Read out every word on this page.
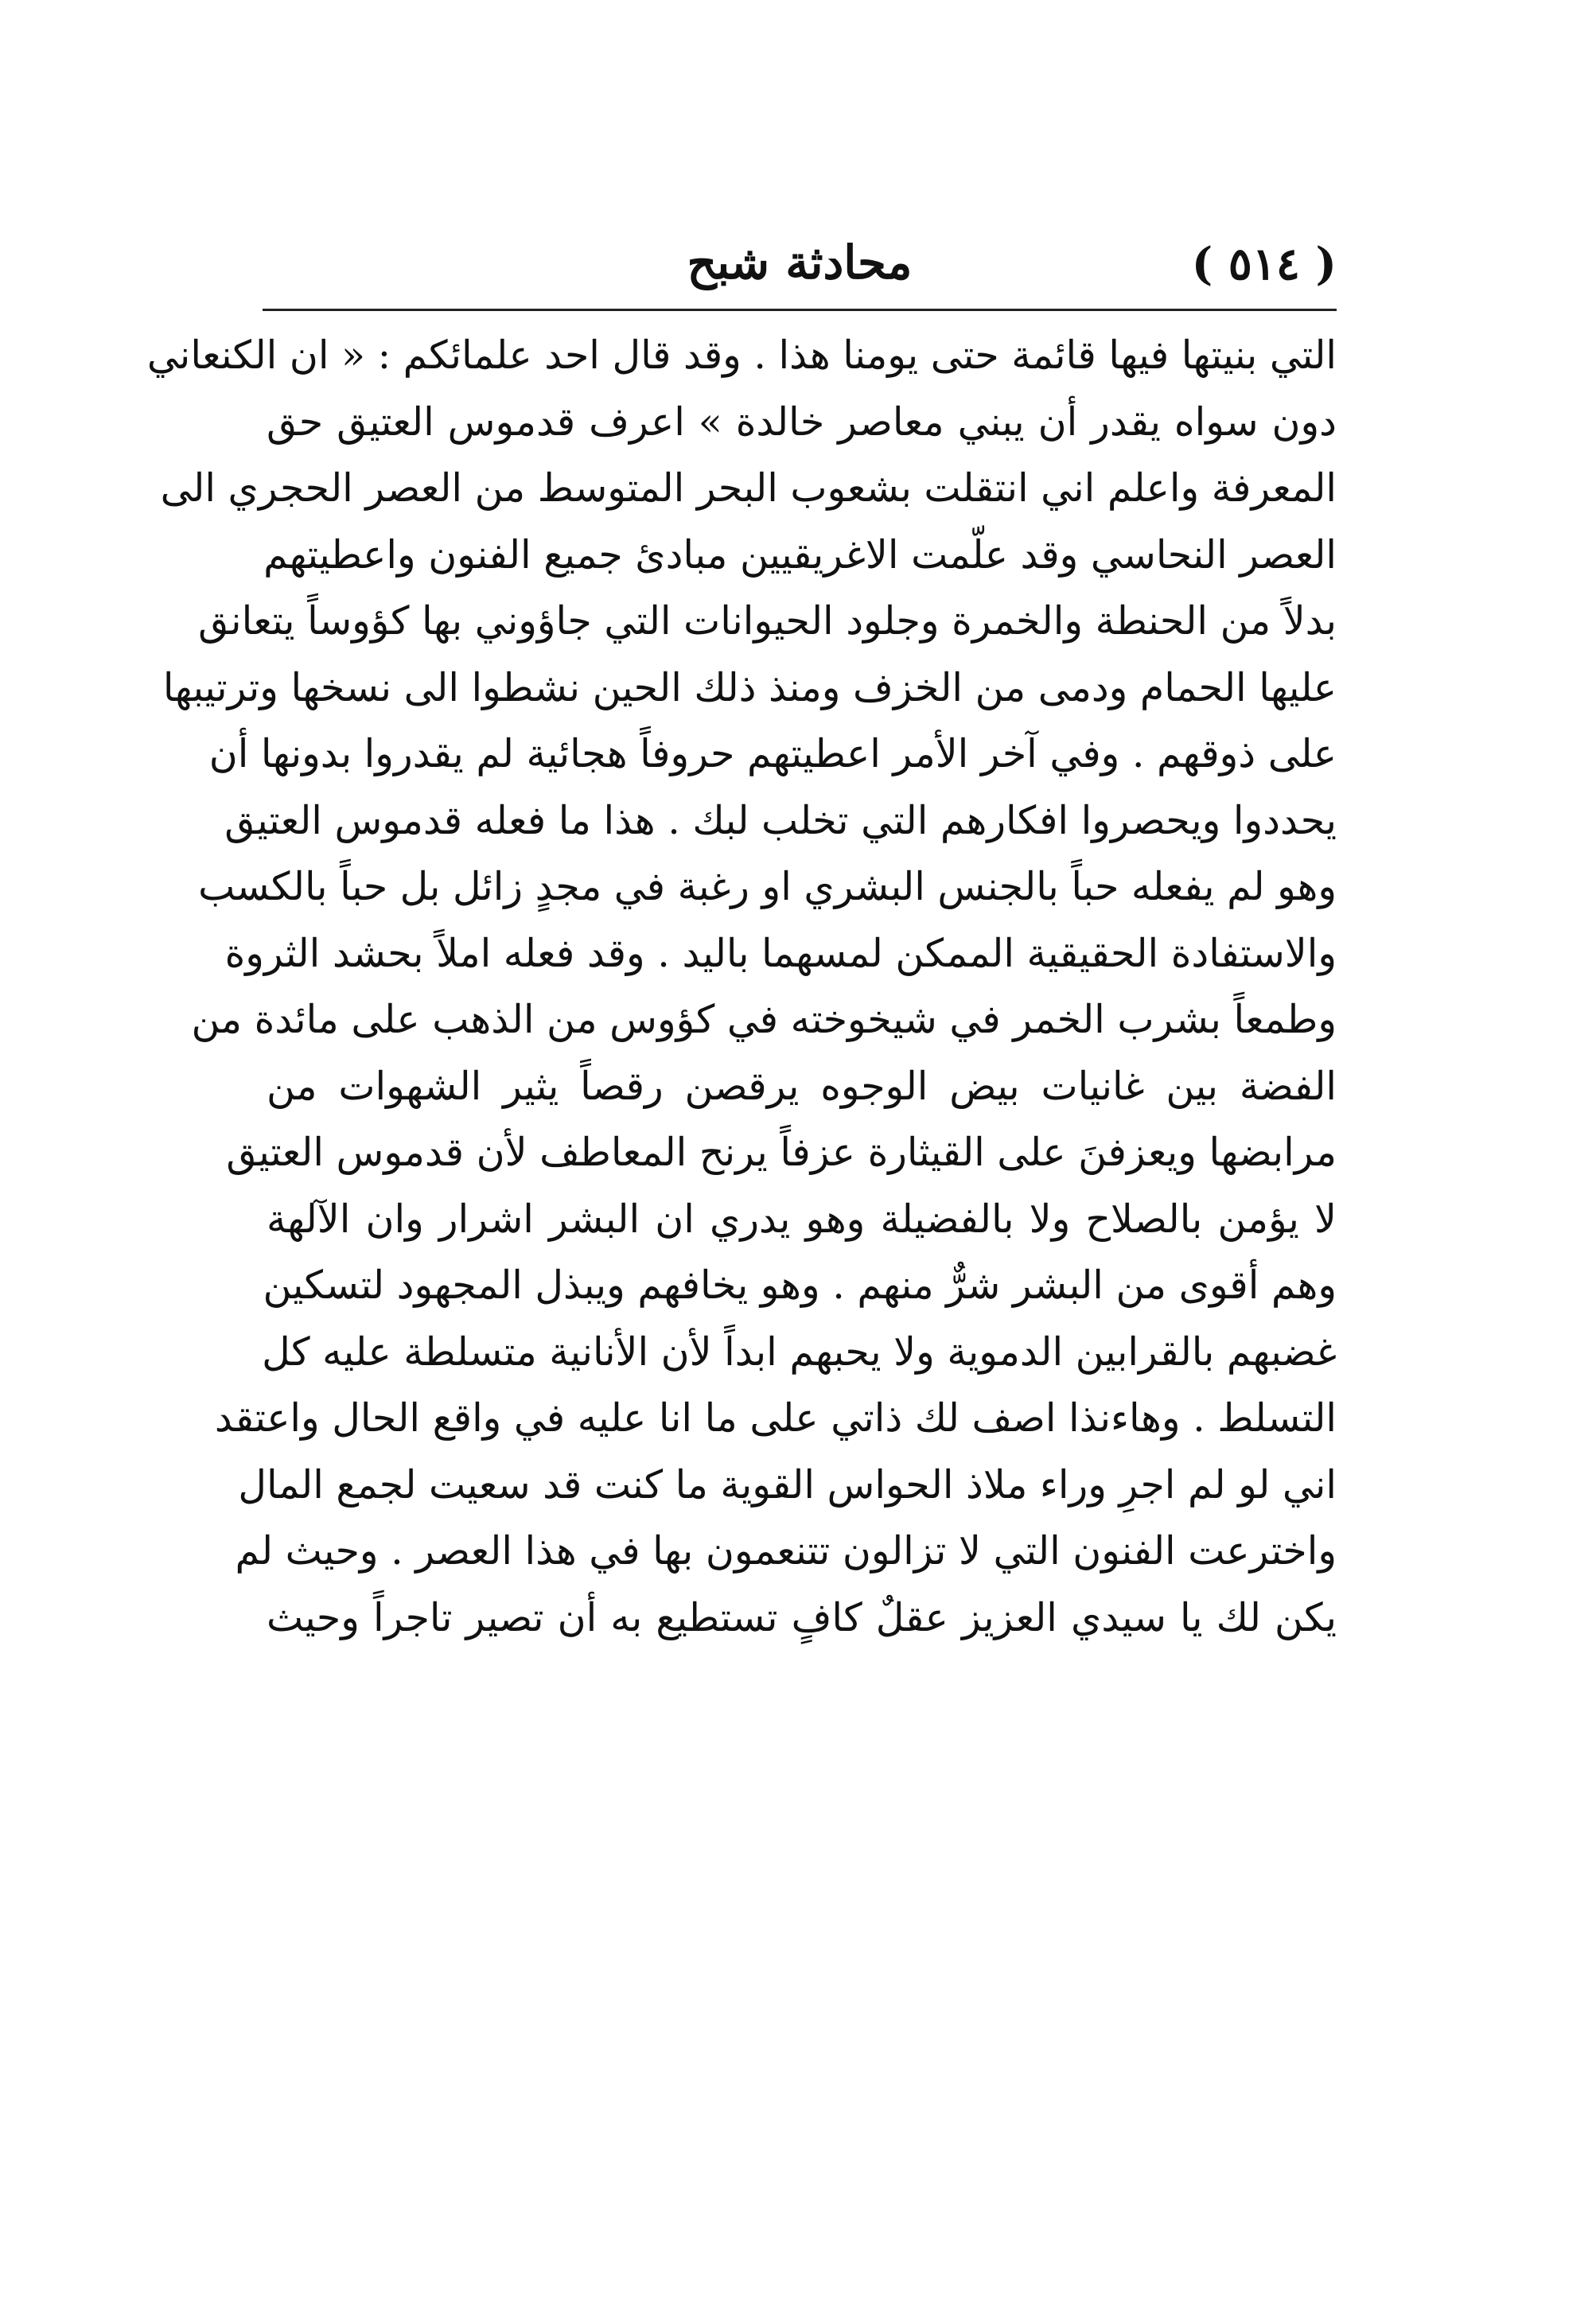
( ٥١٤ )
محادثة شبح
التي بنيتها فيها قائمة حتى يومنا هذا . وقد قال احد علمائكم : « ان الكنعاني
دون سواه يقدر أن يبني معاصر خالدة » اعرف قدموس العتيق حق
المعرفة واعلم اني انتقلت بشعوب البحر المتوسط من العصر الحجري الى
العصر النحاسي وقد علّمت الاغريقيين مبادئ جميع الفنون واعطيتهم
بدلاً من الحنطة والخمرة وجلود الحيوانات التي جاؤوني بها كؤوساً يتعانق
عليها الحمام ودمى من الخزف ومنذ ذلك الحين نشطوا الى نسخها وترتيبها
على ذوقهم . وفي آخر الأمر اعطيتهم حروفاً هجائية لم يقدروا بدونها أن
يحددوا ويحصروا افكارهم التي تخلب لبك . هذا ما فعله قدموس العتيق
وهو لم يفعله حباً بالجنس البشري او رغبة في مجدٍ زائل بل حباً بالكسب
والاستفادة الحقيقية الممكن لمسهما باليد . وقد فعله املاً بحشد الثروة
وطمعاً بشرب الخمر في شيخوخته في كؤوس من الذهب على مائدة من
الفضة بين غانيات بيض الوجوه يرقصن رقصاً يثير الشهوات من
مرابضها ويعزفنَ على القيثارة عزفاً يرنح المعاطف لأن قدموس العتيق
لا يؤمن بالصلاح ولا بالفضيلة وهو يدري ان البشر اشرار وان الآلهة
وهم أقوى من البشر شرٌّ منهم . وهو يخافهم ويبذل المجهود لتسكين
غضبهم بالقرابين الدموية ولا يحبهم ابداً لأن الأنانية متسلطة عليه كل
التسلط . وهاءنذا اصف لك ذاتي على ما انا عليه في واقع الحال واعتقد
اني لو لم اجرِ وراء ملاذ الحواس القوية ما كنت قد سعيت لجمع المال
واخترعت الفنون التي لا تزالون تتنعمون بها في هذا العصر . وحيث لم
يكن لك يا سيدي العزيز عقلٌ كافٍ تستطيع به أن تصير تاجراً وحيث
